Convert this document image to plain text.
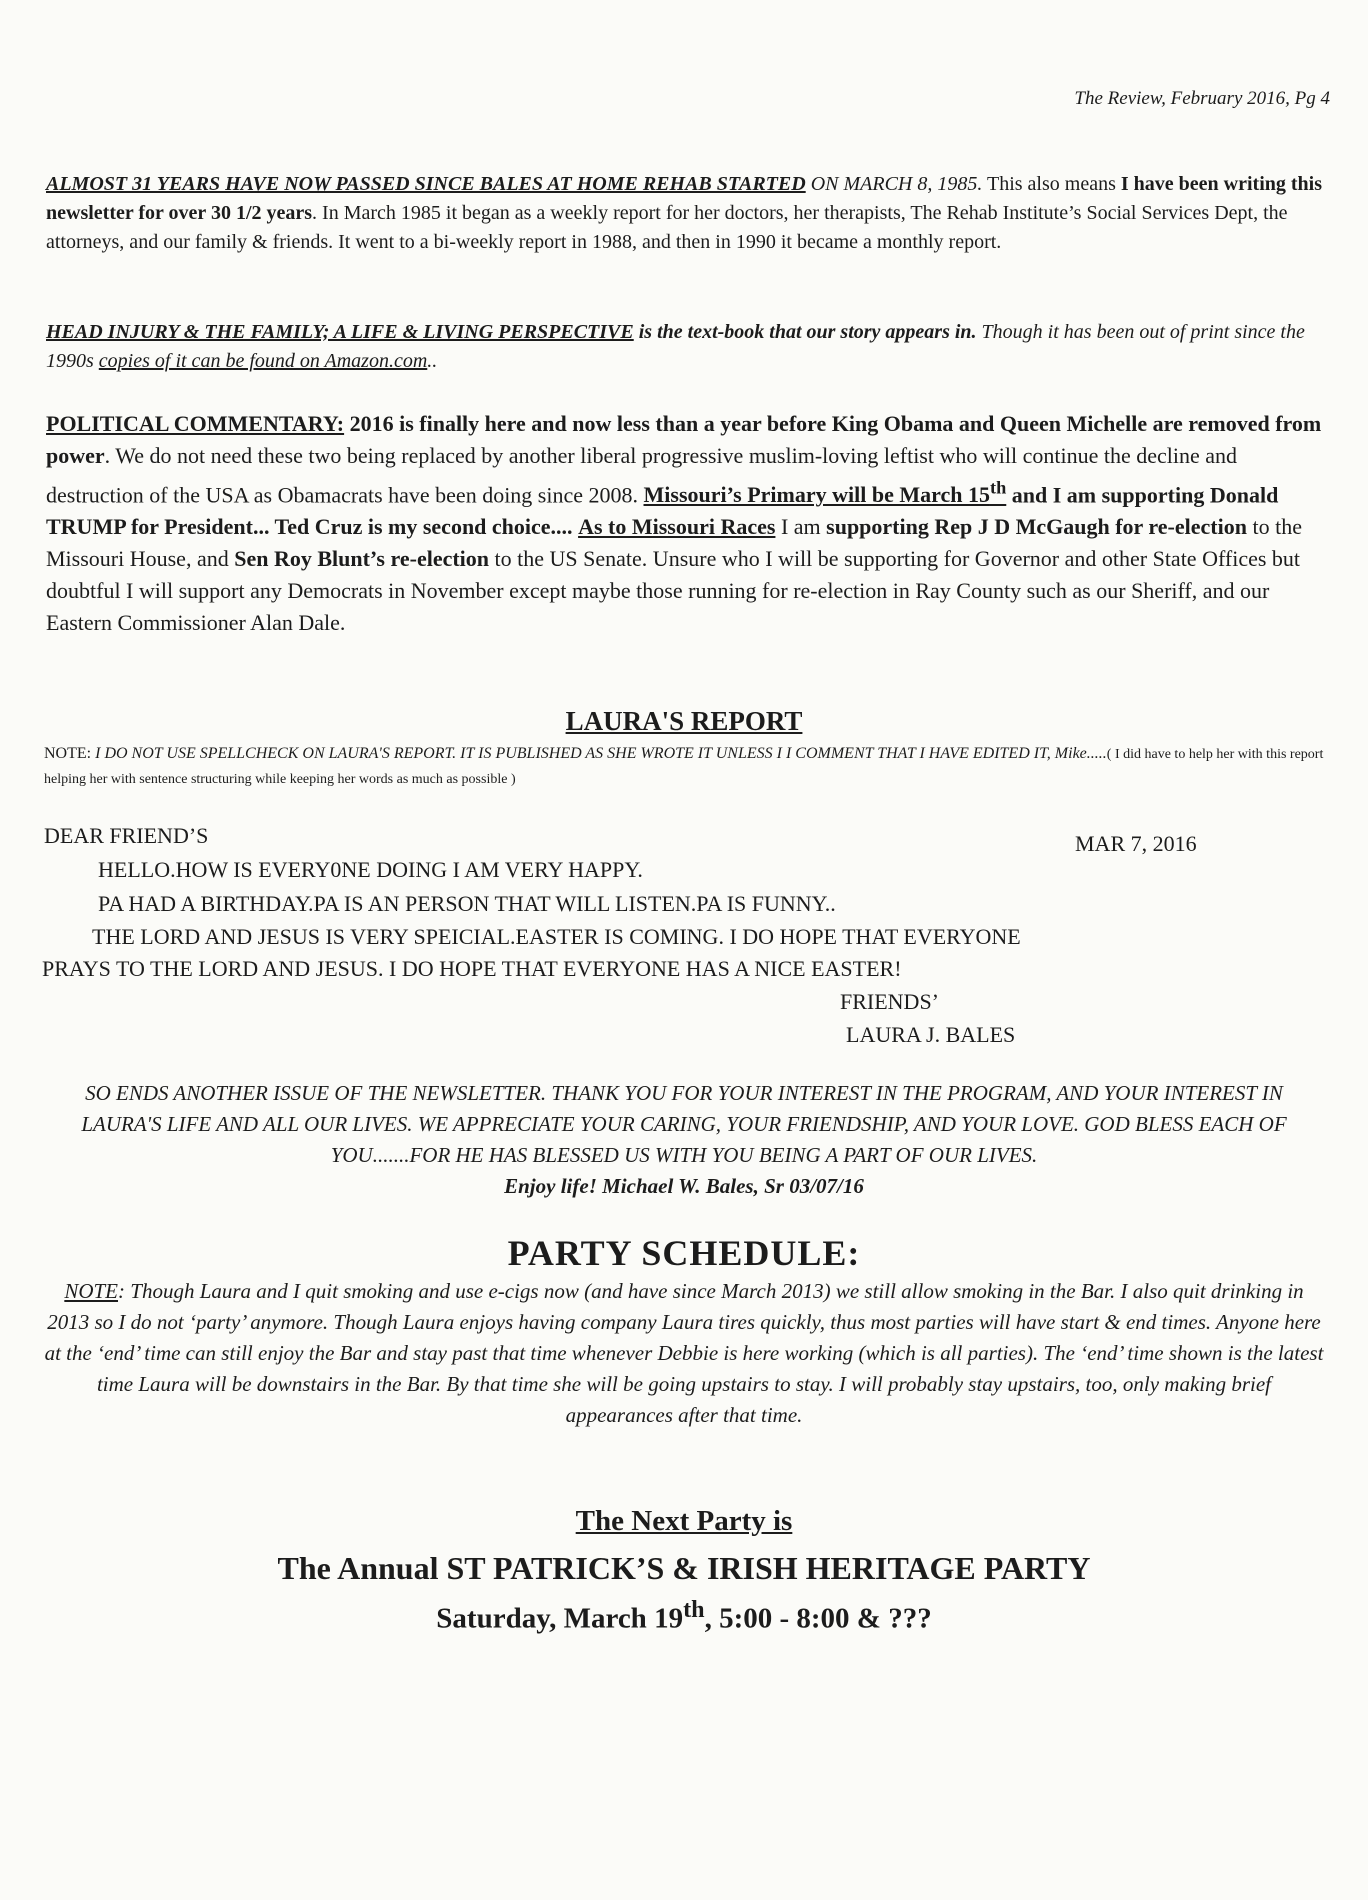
The Review, February 2016, Pg 4
ALMOST 31 YEARS HAVE NOW PASSED SINCE BALES AT HOME REHAB STARTED ON MARCH 8, 1985. This also means I have been writing this newsletter for over 30 1/2 years. In March 1985 it began as a weekly report for her doctors, her therapists, The Rehab Institute’s Social Services Dept, the attorneys, and our family & friends. It went to a bi-weekly report in 1988, and then in 1990 it became a monthly report.
HEAD INJURY & THE FAMILY; A LIFE & LIVING PERSPECTIVE is the text-book that our story appears in. Though it has been out of print since the 1990s copies of it can be found on Amazon.com..
POLITICAL COMMENTARY: 2016 is finally here and now less than a year before King Obama and Queen Michelle are removed from power. We do not need these two being replaced by another liberal progressive muslim-loving leftist who will continue the decline and destruction of the USA as Obamacrats have been doing since 2008. Missouri’s Primary will be March 15th and I am supporting Donald TRUMP for President... Ted Cruz is my second choice.... As to Missouri Races I am supporting Rep J D McGaugh for re-election to the Missouri House, and Sen Roy Blunt’s re-election to the US Senate. Unsure who I will be supporting for Governor and other State Offices but doubtful I will support any Democrats in November except maybe those running for re-election in Ray County such as our Sheriff, and our Eastern Commissioner Alan Dale.
LAURA'S REPORT
NOTE: I DO NOT USE SPELLCHECK ON LAURA'S REPORT. IT IS PUBLISHED AS SHE WROTE IT UNLESS I I COMMENT THAT I HAVE EDITED IT, Mike.....( I did have to help her with this report helping her with sentence structuring while keeping her words as much as possible )
DEAR FRIEND’S	MAR 7, 2016
HELLO.HOW IS EVERY0NE DOING I AM VERY HAPPY.
PA HAD A BIRTHDAY.PA IS AN PERSON THAT WILL LISTEN.PA IS FUNNY..
THE LORD AND JESUS IS VERY SPEICIAL.EASTER IS COMING. I DO HOPE THAT EVERYONE
PRAYS TO THE LORD AND JESUS. I DO HOPE THAT EVERYONE HAS A NICE EASTER!
FRIENDS’
LAURA J. BALES
SO ENDS ANOTHER ISSUE OF THE NEWSLETTER. THANK YOU FOR YOUR INTEREST IN THE PROGRAM, AND YOUR INTEREST IN LAURA'S LIFE AND ALL OUR LIVES. WE APPRECIATE YOUR CARING, YOUR FRIENDSHIP, AND YOUR LOVE. GOD BLESS EACH OF YOU.......FOR HE HAS BLESSED US WITH YOU BEING A PART OF OUR LIVES.
Enjoy life! Michael W. Bales, Sr 03/07/16
PARTY SCHEDULE:
NOTE: Though Laura and I quit smoking and use e-cigs now (and have since March 2013) we still allow smoking in the Bar. I also quit drinking in 2013 so I do not ‘party’ anymore. Though Laura enjoys having company Laura tires quickly, thus most parties will have start & end times. Anyone here at the ‘end’ time can still enjoy the Bar and stay past that time whenever Debbie is here working (which is all parties). The ‘end’ time shown is the latest time Laura will be downstairs in the Bar. By that time she will be going upstairs to stay. I will probably stay upstairs, too, only making brief appearances after that time.
The Next Party is
The Annual ST PATRICK’S & IRISH HERITAGE PARTY
Saturday, March 19th, 5:00 - 8:00 & ???
